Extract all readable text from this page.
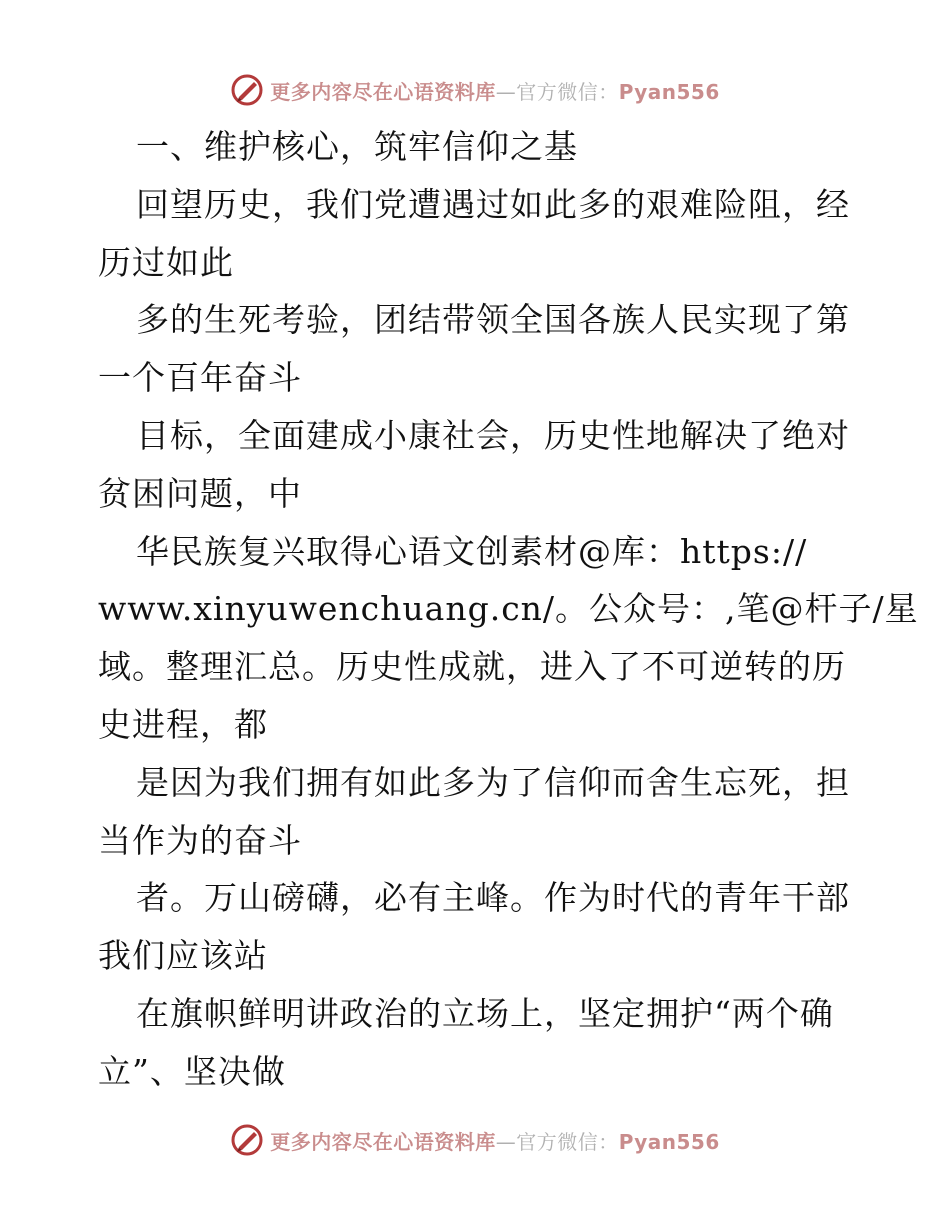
更多内容尽在心语资料库—官方微信：Pyan556
一、维护核心，筑牢信仰之基
回望历史，我们党遭遇过如此多的艰难险阻，经
历过如此
多的生死考验，团结带领全国各族人民实现了第
一个百年奋斗
目标，全面建成小康社会，历史性地解决了绝对
贫困问题，中
华民族复兴取得心语文创素材@库：https://
www.xinyuwenchuang.cn/。公众号：,笔@杆子/星
域。整理汇总。历史性成就，进入了不可逆转的历
史进程，都
是因为我们拥有如此多为了信仰而舍生忘死，担
当作为的奋斗
者。万山磅礴，必有主峰。作为时代的青年干部
我们应该站
在旗帜鲜明讲政治的立场上，坚定拥护“两个确
立”、坚决做
更多内容尽在心语资料库—官方微信：Pyan556
